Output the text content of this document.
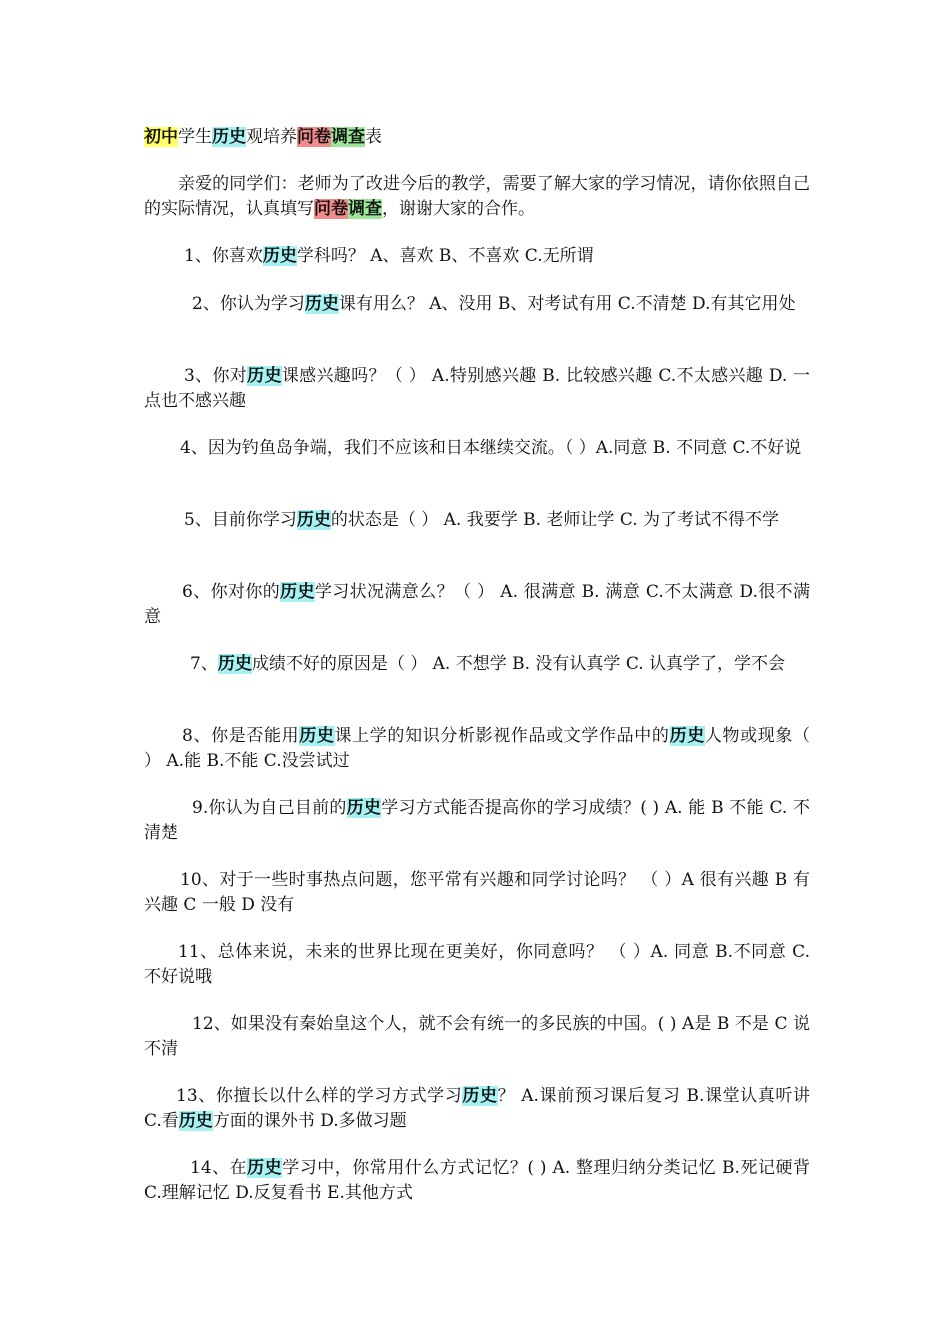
初中学生历史观培养问卷调查表

亲爱的同学们：老师为了改进今后的教学，需要了解大家的学习情况，请你依照自己 的实际情况，认真填写问卷调查，谢谢大家的合作。

1、你喜欢历史学科吗？ A、喜欢 B、不喜欢 C.无所谓

2、你认为学习历史课有用么？ A、没用 B、对考试有用 C.不清楚 D.有其它用处

3、你对历史课感兴趣吗？（ ） A.特别感兴趣 B. 比较感兴趣 C.不太感兴趣 D. 一点也不感兴趣

4、因为钓鱼岛争端，我们不应该和日本继续交流。（ ）A.同意 B. 不同意 C.不好说

5、目前你学习历史的状态是（ ） A. 我要学 B. 老师让学 C. 为了考试不得不学

6、你对你的历史学习状况满意么？（ ） A. 很满意 B. 满意 C.不太满意 D.很不满意

7、历史成绩不好的原因是（ ） A. 不想学 B. 没有认真学 C. 认真学了，学不会

8、你是否能用历史课上学的知识分析影视作品或文学作品中的历史人物或现象（ ） A.能 B.不能 C.没尝试过

9.你认为自己目前的历史学习方式能否提高你的学习成绩？( ) A. 能 B 不能 C. 不清楚

10、对于一些时事热点问题，您平常有兴趣和同学讨论吗？ （ ）A 很有兴趣 B 有兴趣 C 一般 D 没有

11、总体来说，未来的世界比现在更美好，你同意吗？ （ ）A. 同意 B.不同意 C. 不好说哦

12、如果没有秦始皇这个人，就不会有统一的多民族的中国。( ) A是 B 不是 C 说不清

13、你擅长以什么样的学习方式学习历史？ A.课前预习课后复习 B.课堂认真听讲 C.看历史方面的课外书 D.多做习题

14、在历史学习中，你常用什么方式记忆？( ) A. 整理归纳分类记忆 B.死记硬背 C.理解记忆 D.反复看书 E.其他方式
